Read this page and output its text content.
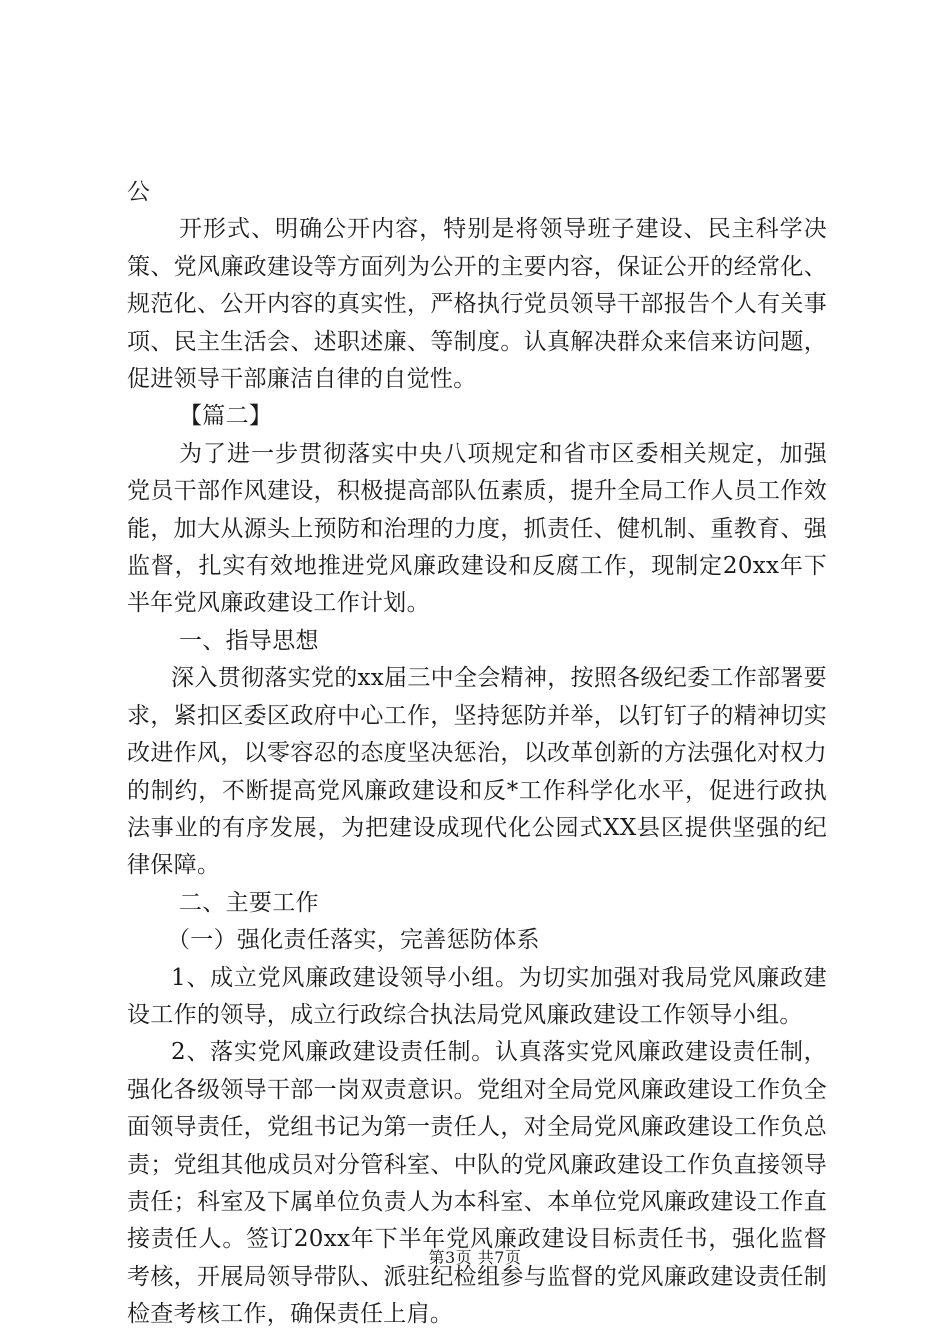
公

开形式、明确公开内容，特别是将领导班子建设、民主科学决策、党风廉政建设等方面列为公开的主要内容，保证公开的经常化、规范化、公开内容的真实性，严格执行党员领导干部报告个人有关事项、民主生活会、述职述廉、等制度。认真解决群众来信来访问题，促进领导干部廉洁自律的自觉性。

【篇二】

为了进一步贯彻落实中央八项规定和省市区委相关规定，加强党员干部作风建设，积极提高部队伍素质，提升全局工作人员工作效能，加大从源头上预防和治理的力度，抓责任、健机制、重教育、强监督，扎实有效地推进党风廉政建设和反腐工作，现制定20xx年下半年党风廉政建设工作计划。

一、指导思想

深入贯彻落实党的xx届三中全会精神，按照各级纪委工作部署要求，紧扣区委区政府中心工作，坚持惩防并举，以钉钉子的精神切实改进作风，以零容忍的态度坚决惩治，以改革创新的方法强化对权力的制约，不断提高党风廉政建设和反*工作科学化水平，促进行政执法事业的有序发展，为把建设成现代化公园式XX县区提供坚强的纪律保障。

二、主要工作

（一）强化责任落实，完善惩防体系

1、成立党风廉政建设领导小组。为切实加强对我局党风廉政建设工作的领导，成立行政综合执法局党风廉政建设工作领导小组。

2、落实党风廉政建设责任制。认真落实党风廉政建设责任制，强化各级领导干部一岗双责意识。党组对全局党风廉政建设工作负全面领导责任，党组书记为第一责任人，对全局党风廉政建设工作负总责；党组其他成员对分管科室、中队的党风廉政建设工作负直接领导责任；科室及下属单位负责人为本科室、本单位党风廉政建设工作直接责任人。签订20xx年下半年党风廉政建设目标责任书，强化监督考核，开展局领导带队、派驻纪检组参与监督的党风廉政建设责任制检查考核工作，确保责任上肩。

第3页 共7页
